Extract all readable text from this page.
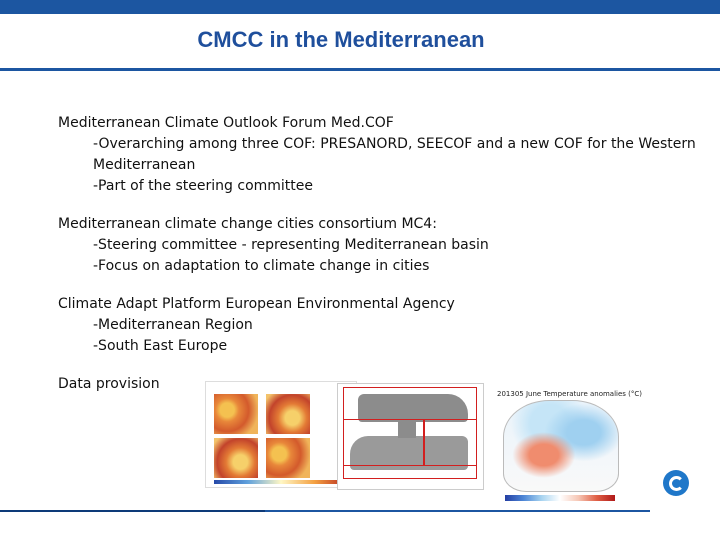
CMCC in the Mediterranean
Mediterranean Climate Outlook Forum Med.COF
-Overarching among three COF: PRESANORD, SEECOF and a new COF for the Western Mediterranean
-Part of the steering committee
Mediterranean climate change cities consortium MC4:
-Steering committee - representing Mediterranean basin
-Focus on adaptation to climate change in cities
Climate Adapt Platform European Environmental Agency
-Mediterranean Region
-South East Europe
Data provision
201305 June Temperature anomalies (°C)
